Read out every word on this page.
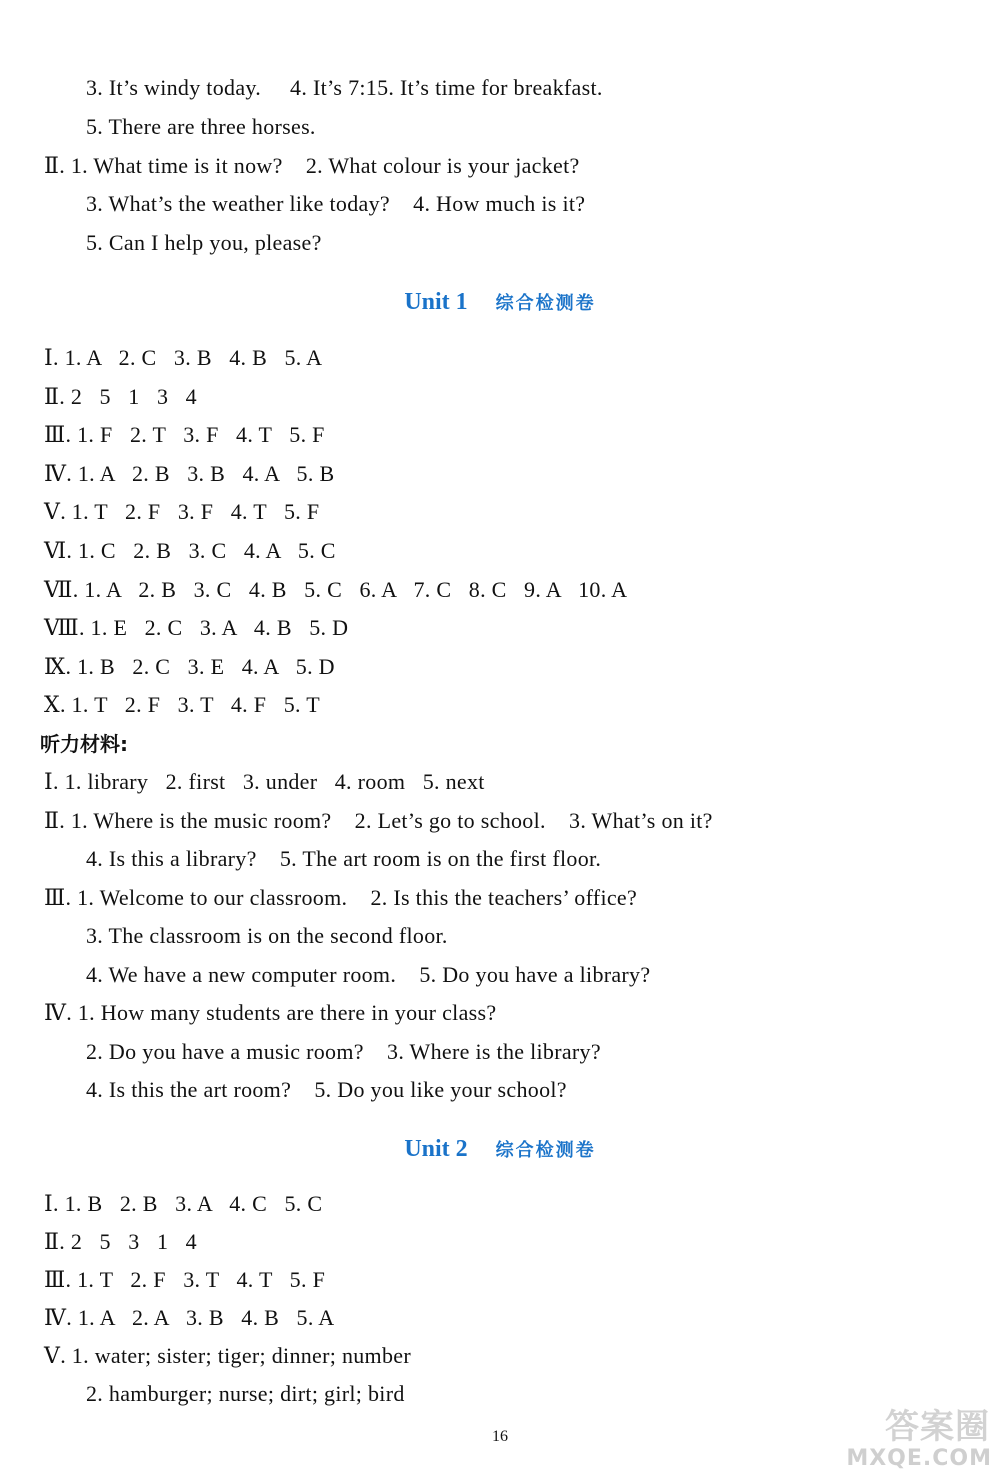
3. It’s windy today.     4. It’s 7:15. It’s time for breakfast.
5. There are three horses.
Ⅱ. 1. What time is it now?    2. What colour is your jacket?
3. What’s the weather like today?    4. How much is it?
5. Can I help you, please?
Unit 1 综合检测卷
Ⅰ. 1. A   2. C   3. B   4. B   5. A
Ⅱ. 2   5   1   3   4
Ⅲ. 1. F   2. T   3. F   4. T   5. F
Ⅳ. 1. A   2. B   3. B   4. A   5. B
Ⅴ. 1. T   2. F   3. F   4. T   5. F
Ⅵ. 1. C   2. B   3. C   4. A   5. C
Ⅶ. 1. A   2. B   3. C   4. B   5. C   6. A   7. C   8. C   9. A   10. A
Ⅷ. 1. E   2. C   3. A   4. B   5. D
Ⅸ. 1. B   2. C   3. E   4. A   5. D
Ⅹ. 1. T   2. F   3. T   4. F   5. T
听力材料:
Ⅰ. 1. library   2. first   3. under   4. room   5. next
Ⅱ. 1. Where is the music room?    2. Let’s go to school.    3. What’s on it?
4. Is this a library?    5. The art room is on the first floor.
Ⅲ. 1. Welcome to our classroom.    2. Is this the teachers’ office?
3. The classroom is on the second floor.
4. We have a new computer room.    5. Do you have a library?
Ⅳ. 1. How many students are there in your class?
2. Do you have a music room?    3. Where is the library?
4. Is this the art room?    5. Do you like your school?
Unit 2 综合检测卷
Ⅰ. 1. B   2. B   3. A   4. C   5. C
Ⅱ. 2   5   3   1   4
Ⅲ. 1. T   2. F   3. T   4. T   5. F
Ⅳ. 1. A   2. A   3. B   4. B   5. A
Ⅴ. 1. water; sister; tiger; dinner; number
2. hamburger; nurse; dirt; girl; bird
16	答案圈
MXQE.COM
